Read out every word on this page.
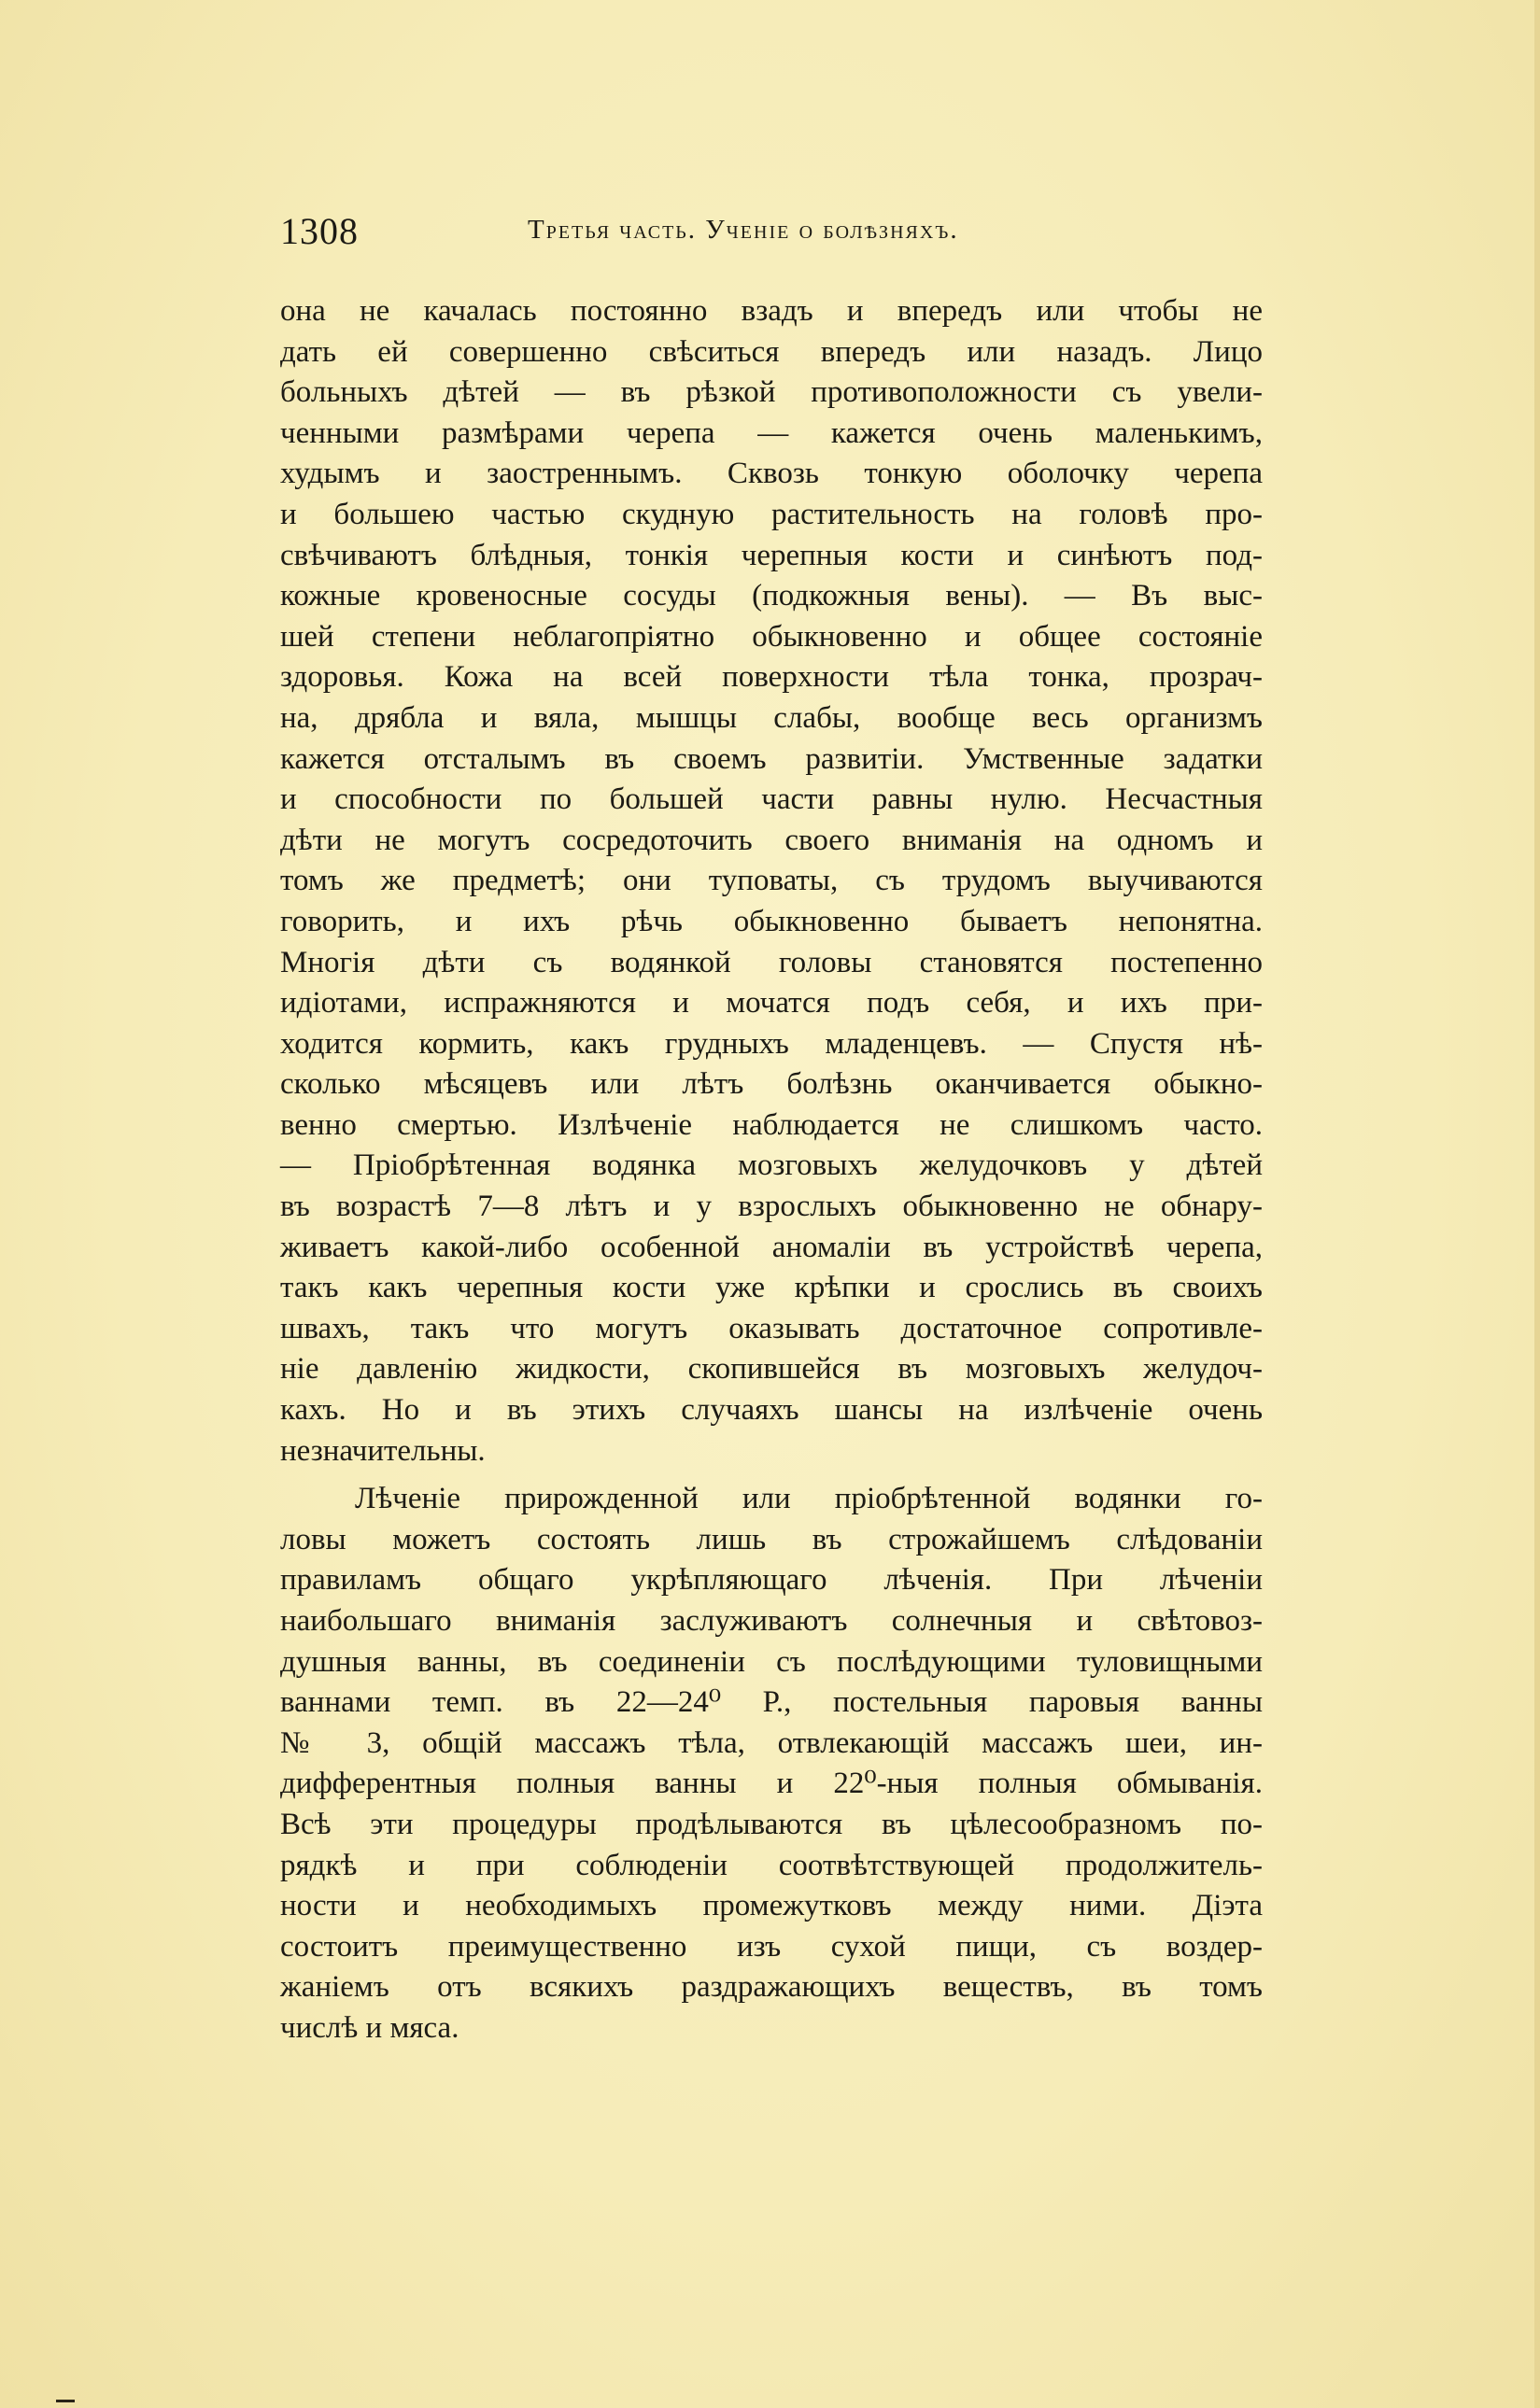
1308	Третья часть. Ученіе о болѣзняхъ.
она не качалась постоянно взадъ и впередъ или чтобы не
дать ей совершенно свѣситься впередъ или назадъ. Лицо
больныхъ дѣтей — въ рѣзкой противоположности съ увели-
ченными размѣрами черепа — кажется очень маленькимъ,
худымъ и заостреннымъ. Сквозь тонкую оболочку черепа
и большею частью скудную растительность на головѣ про-
свѣчиваютъ блѣдныя, тонкія черепныя кости и синѣютъ под-
кожные кровеносные сосуды (подкожныя вены). — Въ выс-
шей степени неблагопріятно обыкновенно и общее состояніе
здоровья. Кожа на всей поверхности тѣла тонка, прозрач-
на, дрябла и вяла, мышцы слабы, вообще весь организмъ
кажется отсталымъ въ своемъ развитіи. Умственные задатки
и способности по большей части равны нулю. Несчастныя
дѣти не могутъ сосредоточить своего вниманія на одномъ и
томъ же предметѣ; они туповаты, съ трудомъ выучиваются
говорить, и ихъ рѣчь обыкновенно бываетъ непонятна.
Многія дѣти съ водянкой головы становятся постепенно
идіотами, испражняются и мочатся подъ себя, и ихъ при-
ходится кормить, какъ грудныхъ младенцевъ. — Спустя нѣ-
сколько мѣсяцевъ или лѣтъ болѣзнь оканчивается обыкно-
венно смертью. Излѣченіе наблюдается не слишкомъ часто.
— Пріобрѣтенная водянка мозговыхъ желудочковъ у дѣтей
въ возрастѣ 7—8 лѣтъ и у взрослыхъ обыкновенно не обнару-
живаетъ какой-либо особенной аномаліи въ устройствѣ черепа,
такъ какъ черепныя кости уже крѣпки и срослись въ своихъ
швахъ, такъ что могутъ оказывать достаточное сопротивле-
ніе давленію жидкости, скопившейся въ мозговыхъ желудоч-
кахъ. Но и въ этихъ случаяхъ шансы на излѣченіе очень
незначительны.
Лѣченіе прирожденной или пріобрѣтенной водянки го-
ловы можетъ состоять лишь въ строжайшемъ слѣдованіи
правиламъ общаго укрѣпляющаго лѣченія. При лѣченіи
наибольшаго вниманія заслуживаютъ солнечныя и свѣтовоз-
душныя ванны, въ соединеніи съ послѣдующими туловищными
ваннами темп. въ 22—24⁰ Р., постельныя паровыя ванны
№ 3, общій массажъ тѣла, отвлекающій массажъ шеи, ин-
дифферентныя полныя ванны и 22⁰-ныя полныя обмыванія.
Всѣ эти процедуры продѣлываются въ цѣлесообразномъ по-
рядкѣ и при соблюденіи соотвѣтствующей продолжитель-
ности и необходимыхъ промежутковъ между ними. Діэта
состоитъ преимущественно изъ сухой пищи, съ воздер-
жаніемъ отъ всякихъ раздражающихъ веществъ, въ томъ
числѣ и мяса.
